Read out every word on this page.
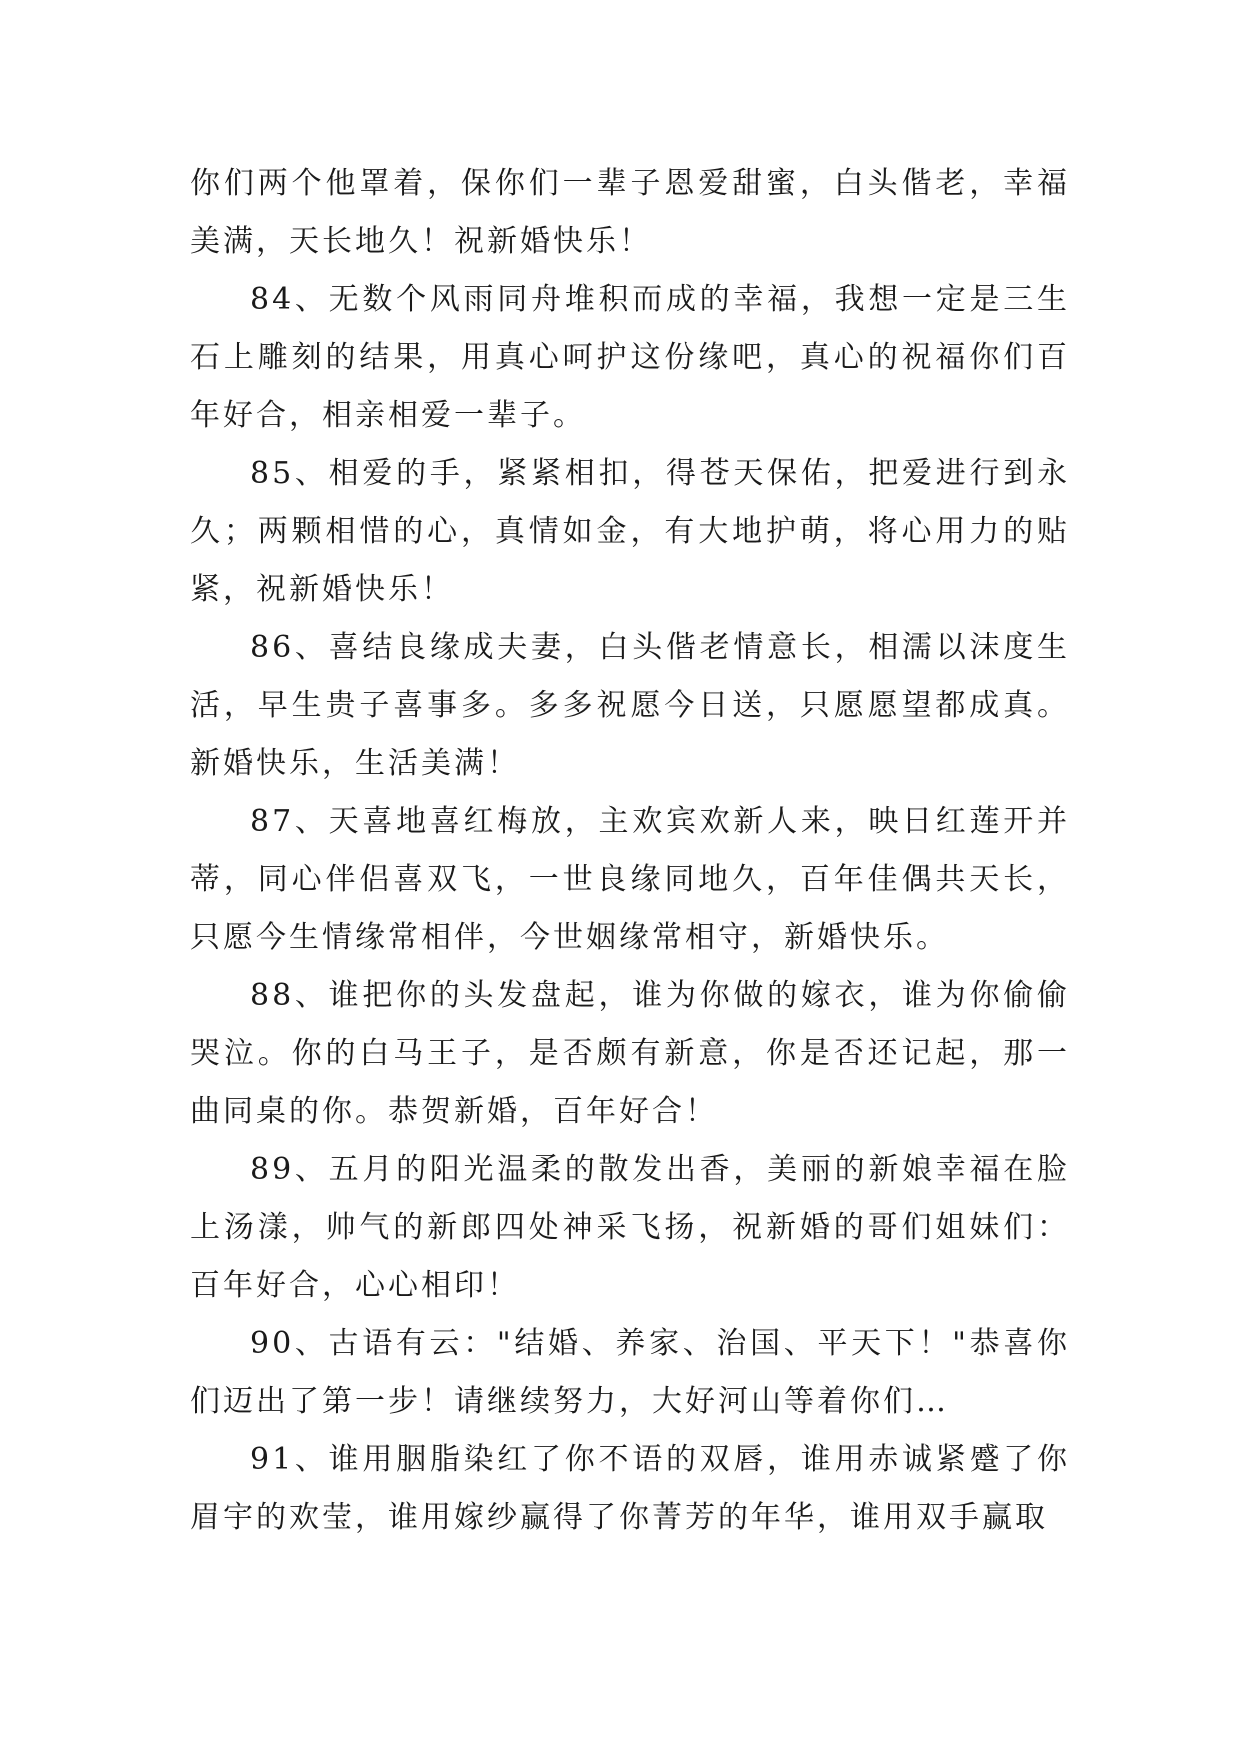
你们两个他罩着，保你们一辈子恩爱甜蜜，白头偕老，幸福美满，天长地久！祝新婚快乐！

84、无数个风雨同舟堆积而成的幸福，我想一定是三生石上雕刻的结果，用真心呵护这份缘吧，真心的祝福你们百年好合，相亲相爱一辈子。

85、相爱的手，紧紧相扣，得苍天保佑，把爱进行到永久；两颗相惜的心，真情如金，有大地护萌，将心用力的贴紧，祝新婚快乐！

86、喜结良缘成夫妻，白头偕老情意长，相濡以沫度生活，早生贵子喜事多。多多祝愿今日送，只愿愿望都成真。新婚快乐，生活美满！

87、天喜地喜红梅放，主欢宾欢新人来，映日红莲开并蒂，同心伴侣喜双飞，一世良缘同地久，百年佳偶共天长，只愿今生情缘常相伴，今世姻缘常相守，新婚快乐。

88、谁把你的头发盘起，谁为你做的嫁衣，谁为你偷偷哭泣。你的白马王子，是否颇有新意，你是否还记起，那一曲同桌的你。恭贺新婚，百年好合！

89、五月的阳光温柔的散发出香，美丽的新娘幸福在脸上汤漾，帅气的新郎四处神采飞扬，祝新婚的哥们姐妹们：百年好合，心心相印！

90、古语有云："结婚、养家、治国、平天下！"恭喜你们迈出了第一步！请继续努力，大好河山等着你们…

91、谁用胭脂染红了你不语的双唇，谁用赤诚紧蹙了你眉宇的欢莹，谁用嫁纱赢得了你菁芳的年华，谁用双手赢取
